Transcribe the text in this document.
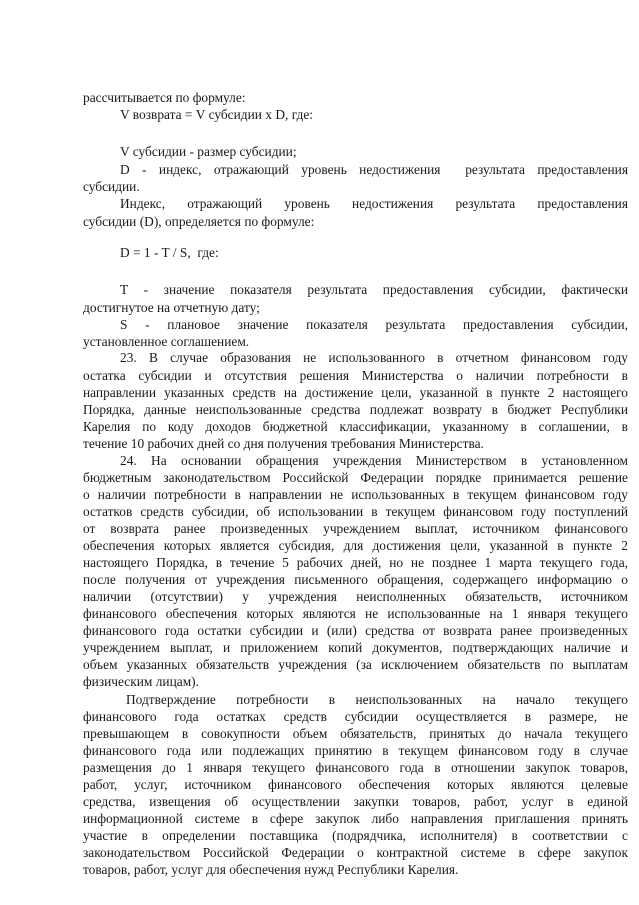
рассчитывается по формуле:
V возврата = V субсидии x D, где:
V субсидии - размер субсидии;
D - индекс, отражающий уровень недостижения  результата предоставления
субсидии.
Индекс, отражающий уровень недостижения результата предоставления
субсидии (D), определяется по формуле:
D = 1 - T / S,  где:
T - значение показателя результата предоставления субсидии, фактически
достигнутое на отчетную дату;
S - плановое значение показателя результата предоставления субсидии,
установленное соглашением.
23. В случае образования не использованного в отчетном финансовом году
остатка субсидии и отсутствия решения Министерства о наличии потребности в
направлении указанных средств на достижение цели, указанной в пункте 2 настоящего
Порядка, данные неиспользованные средства подлежат возврату в бюджет Республики
Карелия по коду доходов бюджетной классификации, указанному в соглашении, в
течение 10 рабочих дней со дня получения требования Министерства.
24. На основании обращения учреждения Министерством в установленном
бюджетным законодательством Российской Федерации порядке принимается решение
о наличии потребности в направлении не использованных в текущем финансовом году
остатков средств субсидии, об использовании в текущем финансовом году поступлений
от возврата ранее произведенных учреждением выплат, источником финансового
обеспечения которых является субсидия, для достижения цели, указанной в пункте 2
настоящего Порядка, в течение 5 рабочих дней, но не позднее 1 марта текущего года,
после получения от учреждения письменного обращения, содержащего информацию о
наличии (отсутствии) у учреждения неисполненных обязательств, источником
финансового обеспечения которых являются не использованные на 1 января текущего
финансового года остатки субсидии и (или) средства от возврата ранее произведенных
учреждением выплат, и приложением копий документов, подтверждающих наличие и
объем указанных обязательств учреждения (за исключением обязательств по выплатам
физическим лицам).
Подтверждение потребности в неиспользованных на начало текущего
финансового года остатках средств субсидии осуществляется в размере, не
превышающем в совокупности объем обязательств, принятых до начала текущего
финансового года или подлежащих принятию в текущем финансовом году в случае
размещения до 1 января текущего финансового года в отношении закупок товаров,
работ, услуг, источником финансового обеспечения которых являются целевые
средства, извещения об осуществлении закупки товаров, работ, услуг в единой
информационной системе в сфере закупок либо направления приглашения принять
участие в определении поставщика (подрядчика, исполнителя) в соответствии с
законодательством Российской Федерации о контрактной системе в сфере закупок
товаров, работ, услуг для обеспечения нужд Республики Карелия.
